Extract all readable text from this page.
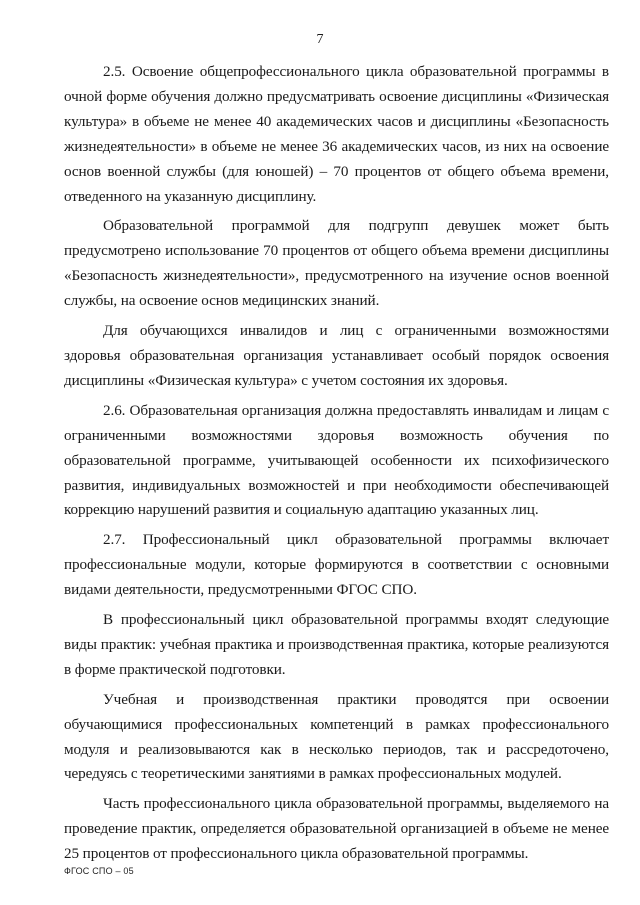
7

2.5. Освоение общепрофессионального цикла образовательной программы в очной форме обучения должно предусматривать освоение дисциплины «Физическая культура» в объеме не менее 40 академических часов и дисциплины «Безопасность жизнедеятельности» в объеме не менее 36 академических часов, из них на освоение основ военной службы (для юношей) – 70 процентов от общего объема времени, отведенного на указанную дисциплину.

Образовательной программой для подгрупп девушек может быть предусмотрено использование 70 процентов от общего объема времени дисциплины «Безопасность жизнедеятельности», предусмотренного на изучение основ военной службы, на освоение основ медицинских знаний.

Для обучающихся инвалидов и лиц с ограниченными возможностями здоровья образовательная организация устанавливает особый порядок освоения дисциплины «Физическая культура» с учетом состояния их здоровья.

2.6. Образовательная организация должна предоставлять инвалидам и лицам с ограниченными возможностями здоровья возможность обучения по образовательной программе, учитывающей особенности их психофизического развития, индивидуальных возможностей и при необходимости обеспечивающей коррекцию нарушений развития и социальную адаптацию указанных лиц.

2.7. Профессиональный цикл образовательной программы включает профессиональные модули, которые формируются в соответствии с основными видами деятельности, предусмотренными ФГОС СПО.

В профессиональный цикл образовательной программы входят следующие виды практик: учебная практика и производственная практика, которые реализуются в форме практической подготовки.

Учебная и производственная практики проводятся при освоении обучающимися профессиональных компетенций в рамках профессионального модуля и реализовываются как в несколько периодов, так и рассредоточено, чередуясь с теоретическими занятиями в рамках профессиональных модулей.

Часть профессионального цикла образовательной программы, выделяемого на проведение практик, определяется образовательной организацией в объеме не менее 25 процентов от профессионального цикла образовательной программы.

ФГОС СПО – 05
